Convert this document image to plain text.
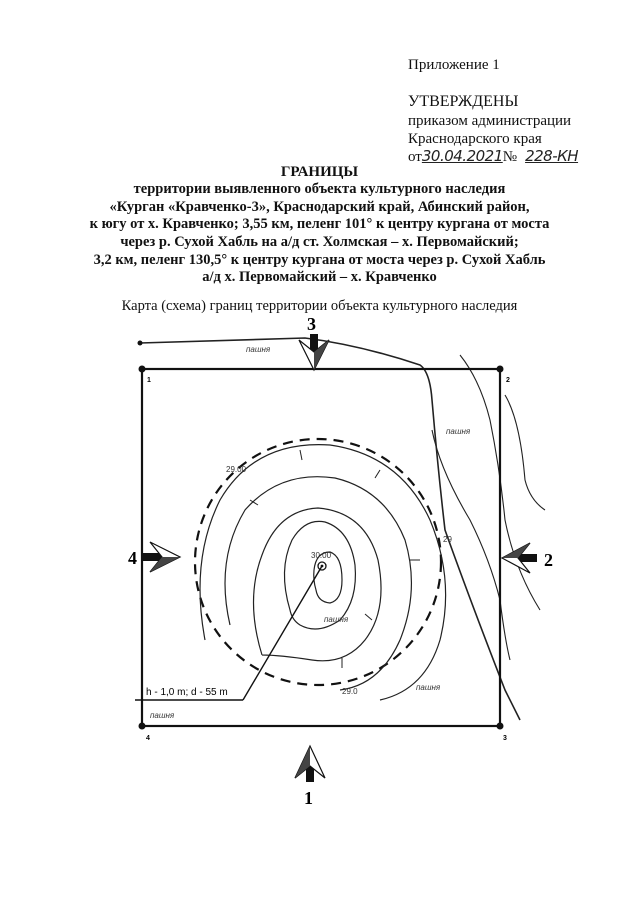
Приложение 1
УТВЕРЖДЕНЫ
приказом администрации
Краснодарского края
от30.04.2021№ 228-КН
ГРАНИЦЫ
территории выявленного объекта культурного наследия
«Курган «Кравченко-3», Краснодарский край, Абинский район,
к югу от х. Кравченко; 3,55 км, пеленг 101° к центру кургана от моста
через р. Сухой Хабль на а/д ст. Холмская – х. Первомайский;
3,2 км, пеленг 130,5° к центру кургана от моста через р. Сухой Хабль
а/д х. Первомайский – х. Кравченко
Карта (схема) границ территории объекта культурного наследия
1	2
3
4
h - 1,0 m; d - 55 m
29.00
30.00
29.0
29
пашня
пашня
пашня
пашня
пашня
3
1
4	2
